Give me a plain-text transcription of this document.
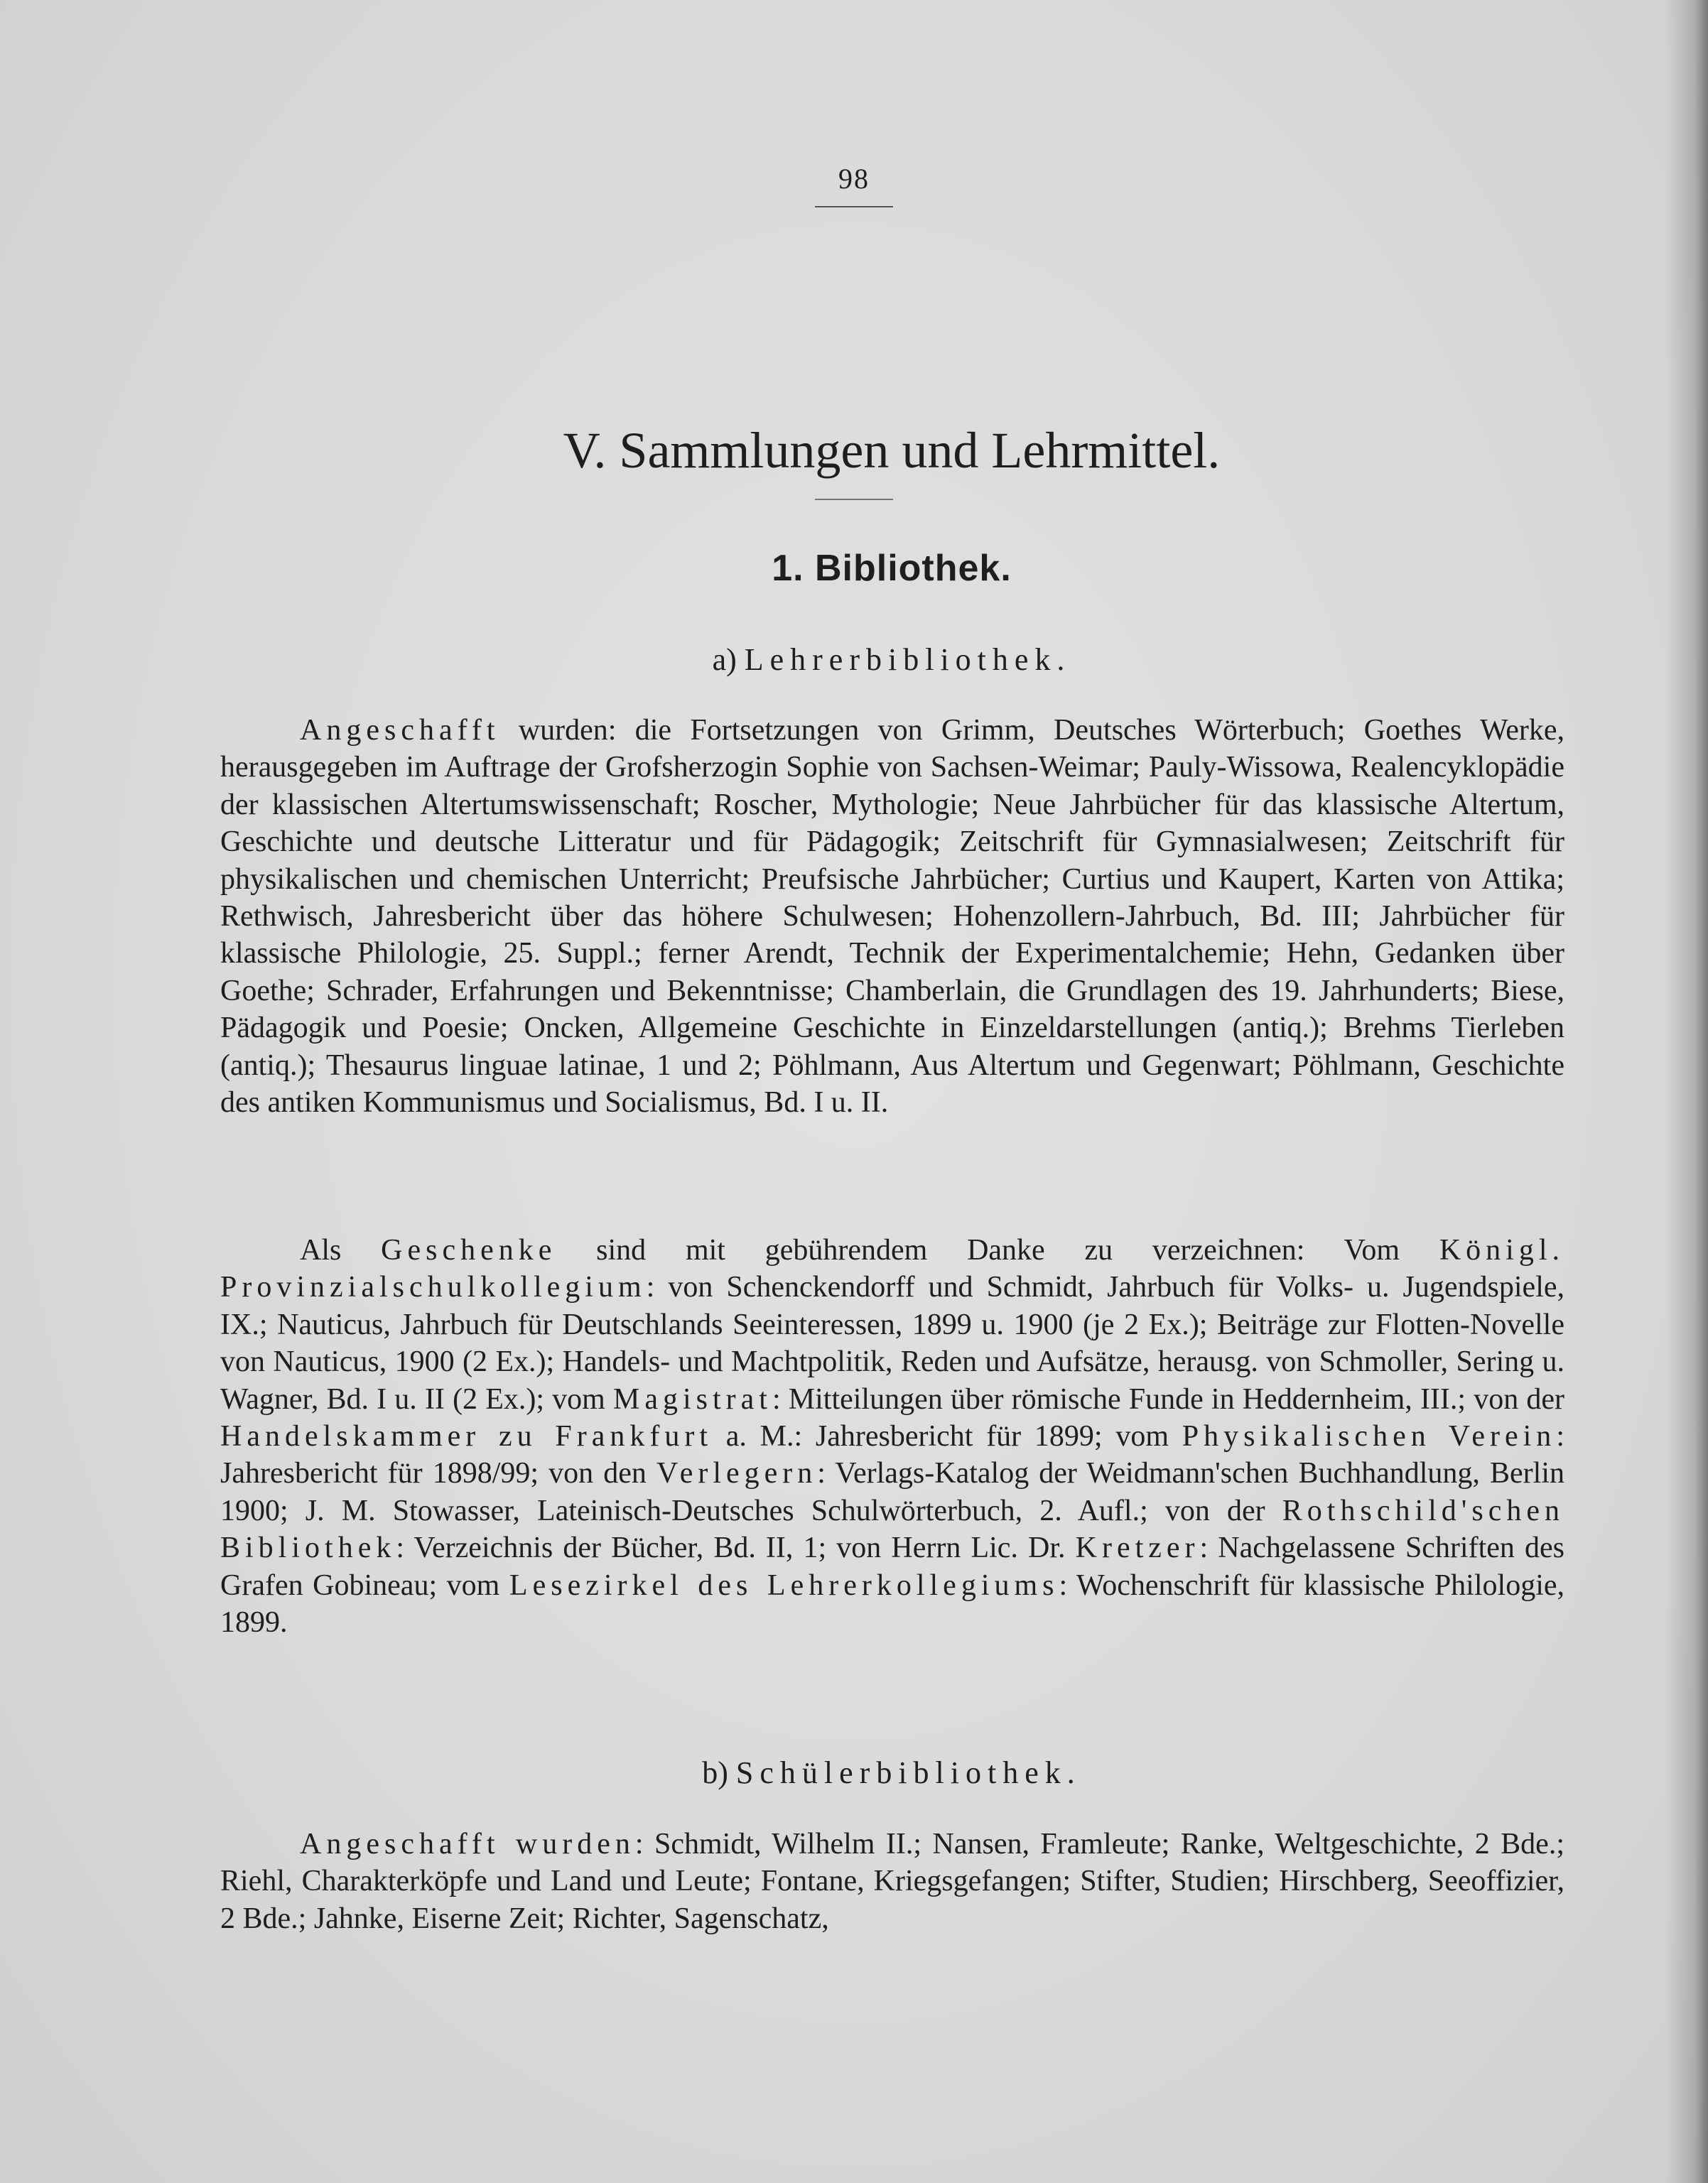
98
V. Sammlungen und Lehrmittel.
1. Bibliothek.
a) Lehrerbibliothek.

Angeschafft wurden: die Fortsetzungen von Grimm, Deutsches Wörterbuch; Goethes Werke, herausgegeben im Auftrage der Grofsherzogin Sophie von Sachsen-Weimar; Pauly-Wissowa, Realencyklopädie der klassischen Altertumswissenschaft; Roscher, Mythologie; Neue Jahrbücher für das klassische Altertum, Geschichte und deutsche Litteratur und für Pädagogik; Zeitschrift für Gymnasialwesen; Zeitschrift für physikalischen und chemischen Unterricht; Preufsische Jahrbücher; Curtius und Kaupert, Karten von Attika; Rethwisch, Jahresbericht über das höhere Schulwesen; Hohenzollern-Jahrbuch, Bd. III; Jahrbücher für klassische Philologie, 25. Suppl.; ferner Arendt, Technik der Experimentalchemie; Hehn, Gedanken über Goethe; Schrader, Erfahrungen und Bekenntnisse; Chamberlain, die Grundlagen des 19. Jahrhunderts; Biese, Pädagogik und Poesie; Oncken, Allgemeine Geschichte in Einzeldarstellungen (antiq.); Brehms Tierleben (antiq.); Thesaurus linguae latinae, 1 und 2; Pöhlmann, Aus Altertum und Gegenwart; Pöhlmann, Geschichte des antiken Kommunismus und Socialismus, Bd. I u. II.

Als Geschenke sind mit gebührendem Danke zu verzeichnen: Vom Königl. Provinzialschulkollegium: von Schenckendorff und Schmidt, Jahrbuch für Volks- u. Jugendspiele, IX.; Nauticus, Jahrbuch für Deutschlands Seeinteressen, 1899 u. 1900 (je 2 Ex.); Beiträge zur Flotten-Novelle von Nauticus, 1900 (2 Ex.); Handels- und Machtpolitik, Reden und Aufsätze, herausg. von Schmoller, Sering u. Wagner, Bd. I u. II (2 Ex.); vom Magistrat: Mitteilungen über römische Funde in Heddernheim, III.; von der Handelskammer zu Frankfurt a. M.: Jahresbericht für 1899; vom Physikalischen Verein: Jahresbericht für 1898/99; von den Verlegern: Verlags-Katalog der Weidmann'schen Buchhandlung, Berlin 1900; J. M. Stowasser, Lateinisch-Deutsches Schulwörterbuch, 2. Aufl.; von der Rothschild'schen Bibliothek: Verzeichnis der Bücher, Bd. II, 1; von Herrn Lic. Dr. Kretzer: Nachgelassene Schriften des Grafen Gobineau; vom Lesezirkel des Lehrerkollegiums: Wochenschrift für klassische Philologie, 1899.

b) Schülerbibliothek.

Angeschafft wurden: Schmidt, Wilhelm II.; Nansen, Framleute; Ranke, Weltgeschichte, 2 Bde.; Riehl, Charakterköpfe und Land und Leute; Fontane, Kriegsgefangen; Stifter, Studien; Hirschberg, Seeoffizier, 2 Bde.; Jahnke, Eiserne Zeit; Richter, Sagenschatz,
